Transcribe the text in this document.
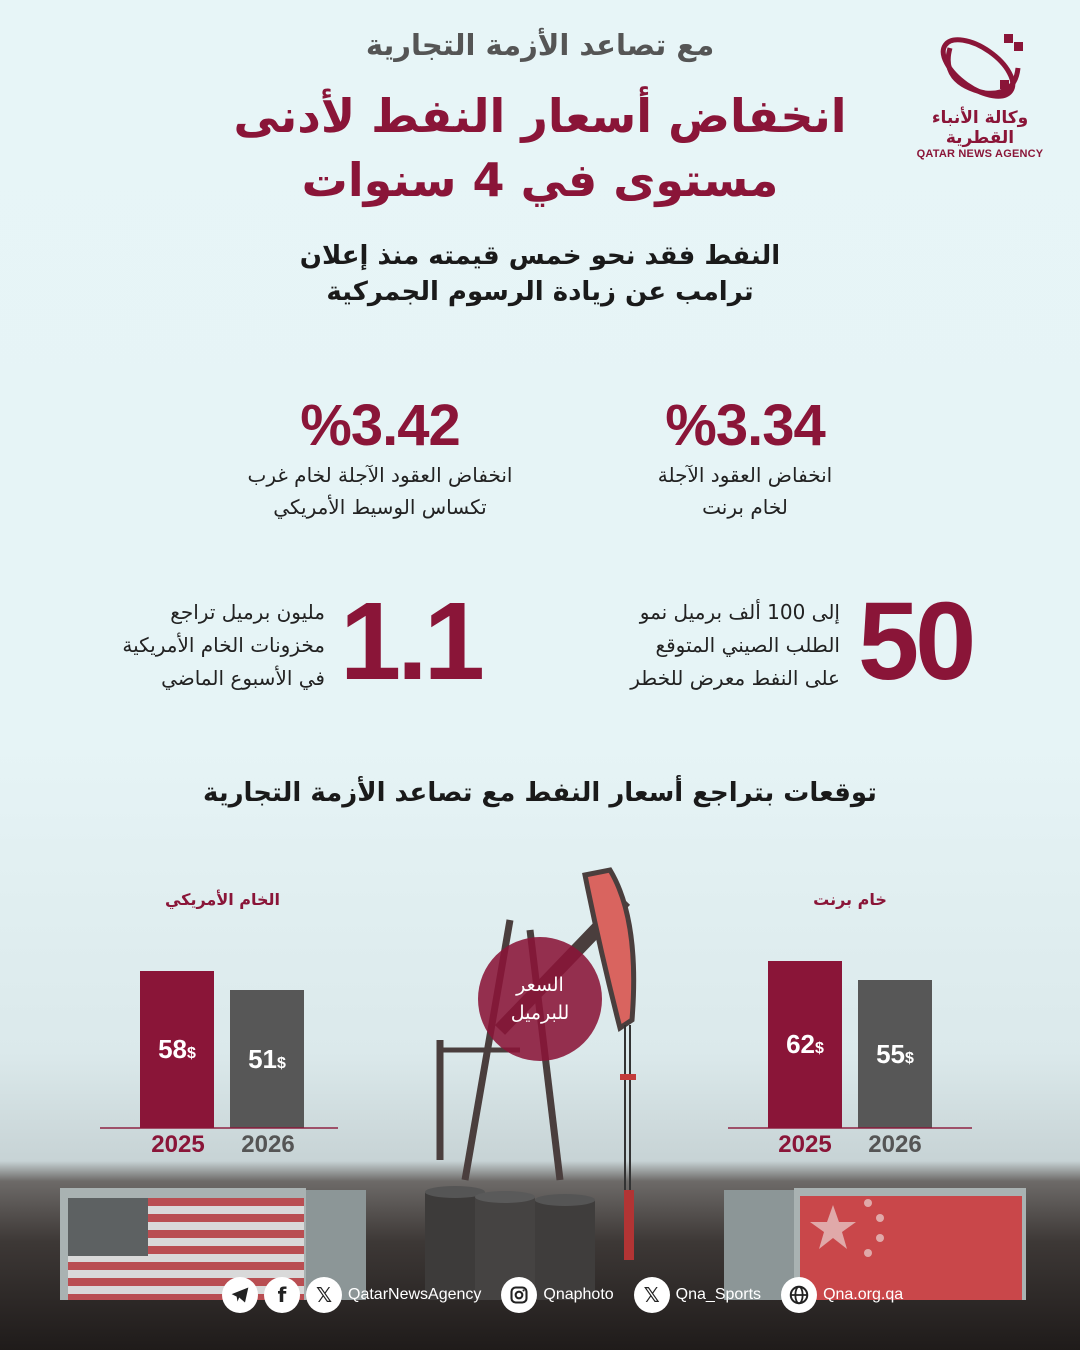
وكالة الأنباء القطرية
QATAR NEWS AGENCY
مع تصاعد الأزمة التجارية
انخفاض أسعار النفط لأدنى
مستوى في 4 سنوات
النفط فقد نحو خمس قيمته منذ إعلان
ترامب عن زيادة الرسوم الجمركية
%3.34
انخفاض العقود الآجلة
لخام برنت
%3.42
انخفاض العقود الآجلة لخام غرب
تكساس الوسيط الأمريكي
50
إلى 100 ألف برميل نمو
الطلب الصيني المتوقع
على النفط معرض للخطر
1.1
مليون برميل تراجع
مخزونات الخام الأمريكية
في الأسبوع الماضي
توقعات بتراجع أسعار النفط مع تصاعد الأزمة التجارية
السعر
للبرميل
الخام الأمريكي
58$ 51$
2025	2026
خام برنت
62$ 55$
2025	2026
f	𝕏 QatarNewsAgency	Qnaphoto	𝕏 Qna_Sports	Qna.org.qa
